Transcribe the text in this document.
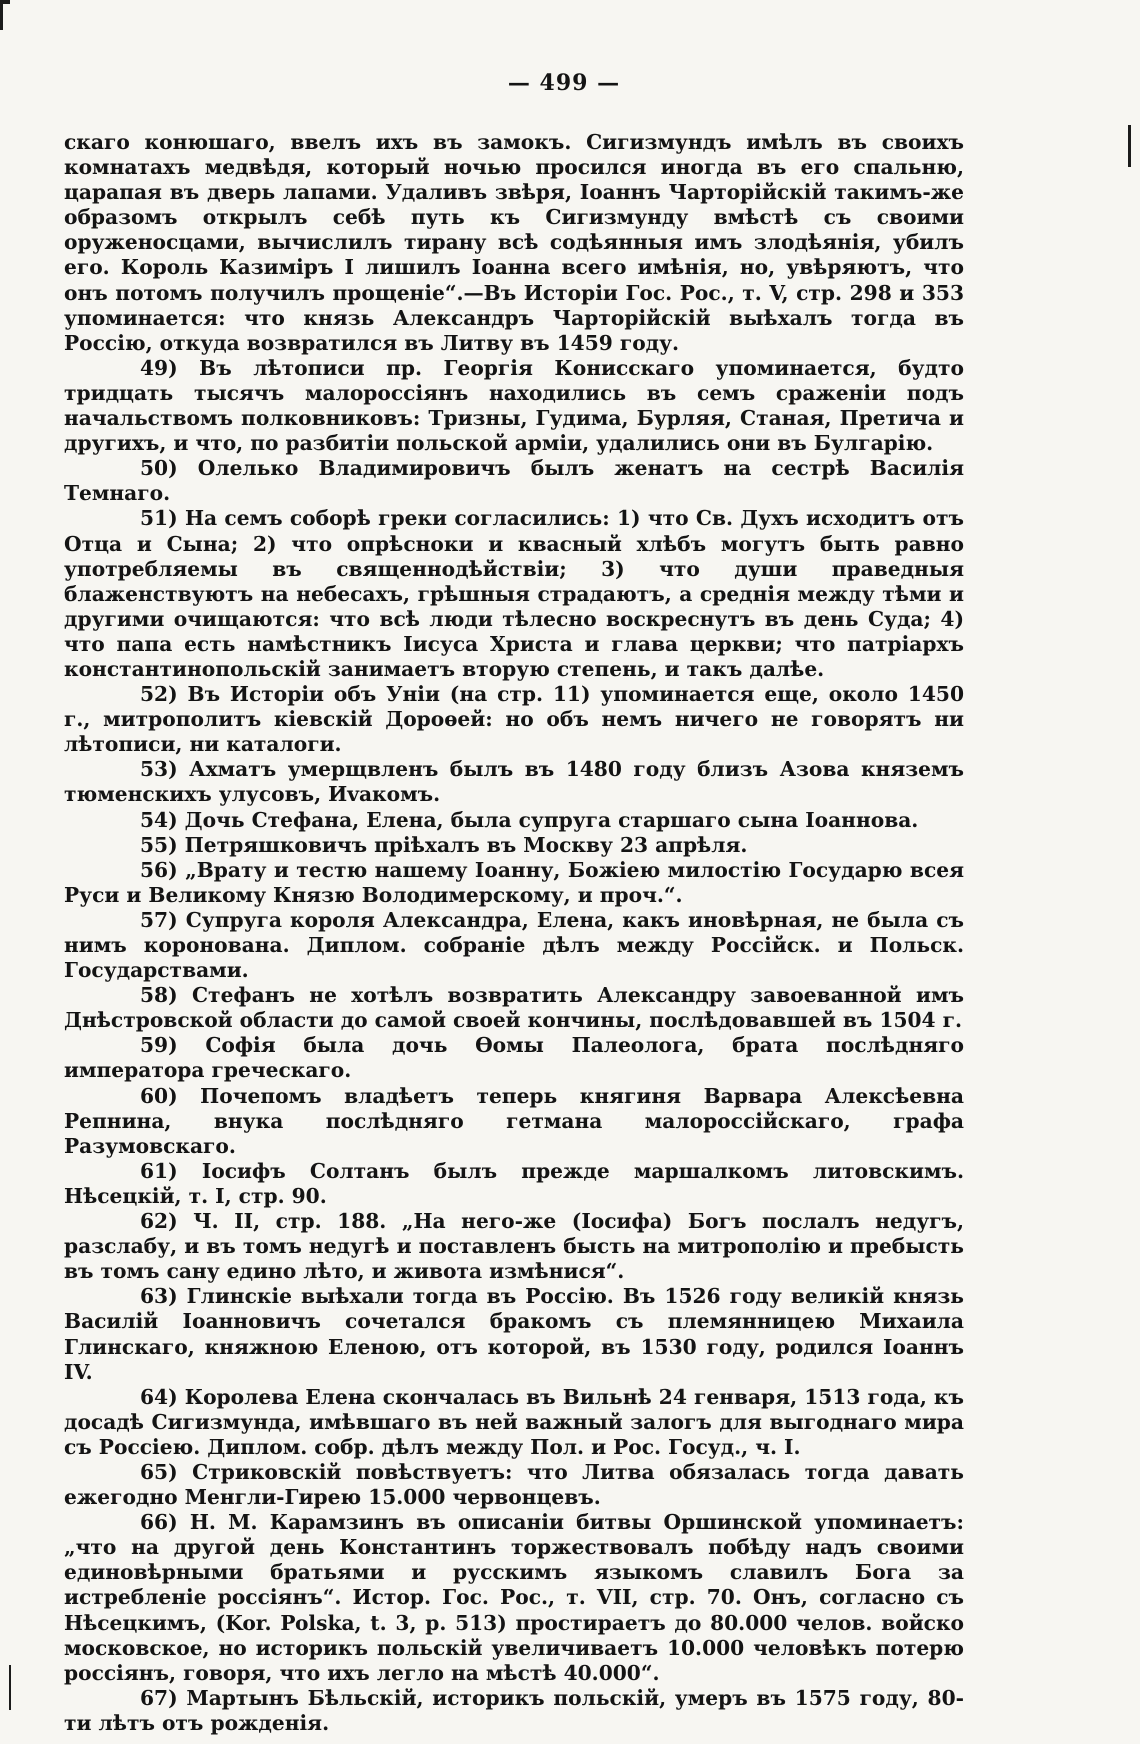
— 499 —

скаго конюшаго, ввелъ ихъ въ замокъ. Сигизмундъ имѣлъ въ своихъ комнатахъ медвѣдя, который ночью просился иногда въ его спальню, царапая въ дверь лапами. Удаливъ звѣря, Іоаннъ Чарторійскій такимъ-же образомъ открылъ себѣ путь къ Сигизмунду вмѣстѣ съ своими оруженосцами, вычислилъ тирану всѣ содѣянныя имъ злодѣянія, убилъ его. Король Казиміръ I лишилъ Іоанна всего имѣнія, но, увѣряютъ, что онъ потомъ получилъ прощеніе“.—Въ Исторіи Гос. Рос., т. V, стр. 298 и 353 упоминается: что князь Александръ Чарторійскій выѣхалъ тогда въ Россію, откуда возвратился въ Литву въ 1459 году.

49) Въ лѣтописи пр. Георгія Конисскаго упоминается, будто тридцать тысячъ малороссіянъ находились въ семъ сраженіи подъ начальствомъ полковниковъ: Тризны, Гудима, Бурляя, Станая, Претича и другихъ, и что, по разбитіи польской арміи, удалились они въ Булгарію.

50) Олелько Владимировичъ былъ женатъ на сестрѣ Василія Темнаго.

51) На семъ соборѣ греки согласились: 1) что Св. Духъ исходитъ отъ Отца и Сына; 2) что опрѣсноки и квасный хлѣбъ могутъ быть равно употребляемы въ священнодѣйствіи; 3) что души праведныя блаженствуютъ на небесахъ, грѣшныя страдаютъ, а среднія между тѣми и другими очищаются: что всѣ люди тѣлесно воскреснутъ въ день Суда; 4) что папа есть намѣстникъ Іисуса Христа и глава церкви; что патріархъ константинопольскій занимаетъ вторую степень, и такъ далѣе.

52) Въ Исторіи объ Уніи (на стр. 11) упоминается еще, около 1450 г., митрополитъ кіевскій Дороѳей: но объ немъ ничего не говорятъ ни лѣтописи, ни каталоги.

53) Ахматъ умерщвленъ былъ въ 1480 году близъ Азова княземъ тюменскихъ улусовъ, Иvакомъ.

54) Дочь Стефана, Елена, была супруга старшаго сына Іоаннова.

55) Петряшковичъ пріѣхалъ въ Москву 23 апрѣля.

56) „Врату и тестю нашему Іоанну, Божіею милостію Государю всея Руси и Великому Князю Володимерскому, и проч.“.

57) Супруга короля Александра, Елена, какъ иновѣрная, не была съ нимъ коронована. Диплом. собраніе дѣлъ между Россійск. и Польск. Государствами.

58) Стефанъ не хотѣлъ возвратить Александру завоеванной имъ Днѣстровской области до самой своей кончины, послѣдовавшей въ 1504 г.

59) Софія была дочь Ѳомы Палеолога, брата послѣдняго императора греческаго.

60) Почепомъ владѣетъ теперь княгиня Варвара Алексѣевна Репнина, внука послѣдняго гетмана малороссійскаго, графа Разумовскаго.

61) Іосифъ Солтанъ былъ прежде маршалкомъ литовскимъ. Нѣсецкій, т. I, стр. 90.

62) Ч. II, стр. 188. „На него-же (Іосифа) Богъ послалъ недугъ, разслабу, и въ томъ недугѣ и поставленъ бысть на митрополію и пребысть въ томъ сану едино лѣто, и живота измѣнися“.

63) Глинскіе выѣхали тогда въ Россію. Въ 1526 году великій князь Василій Іоанновичъ сочетался бракомъ съ племянницею Михаила Глинскаго, княжною Еленою, отъ которой, въ 1530 году, родился Іоаннъ IV.

64) Королева Елена скончалась въ Вильнѣ 24 генваря, 1513 года, къ досадѣ Сигизмунда, имѣвшаго въ ней важный залогъ для выгоднаго мира съ Россіею. Диплом. собр. дѣлъ между Пол. и Рос. Госуд., ч. I.

65) Стриковскій повѣствуетъ: что Литва обязалась тогда давать ежегодно Менгли-Гирею 15.000 червонцевъ.

66) Н. М. Карамзинъ въ описаніи битвы Оршинской упоминаетъ: „что на другой день Константинъ торжествовалъ побѣду надъ своими единовѣрными братьями и русскимъ языкомъ славилъ Бога за истребленіе россіянъ“. Истор. Гос. Рос., т. VII, стр. 70. Онъ, согласно съ Нѣсецкимъ, (Kor. Polska, t. 3, p. 513) простираетъ до 80.000 челов. войско московское, но историкъ польскій увеличиваетъ 10.000 человѣкъ потерю россіянъ, говоря, что ихъ легло на мѣстѣ 40.000“.

67) Мартынъ Бѣльскій, историкъ польскій, умеръ въ 1575 году, 80-ти лѣтъ отъ рожденія.
